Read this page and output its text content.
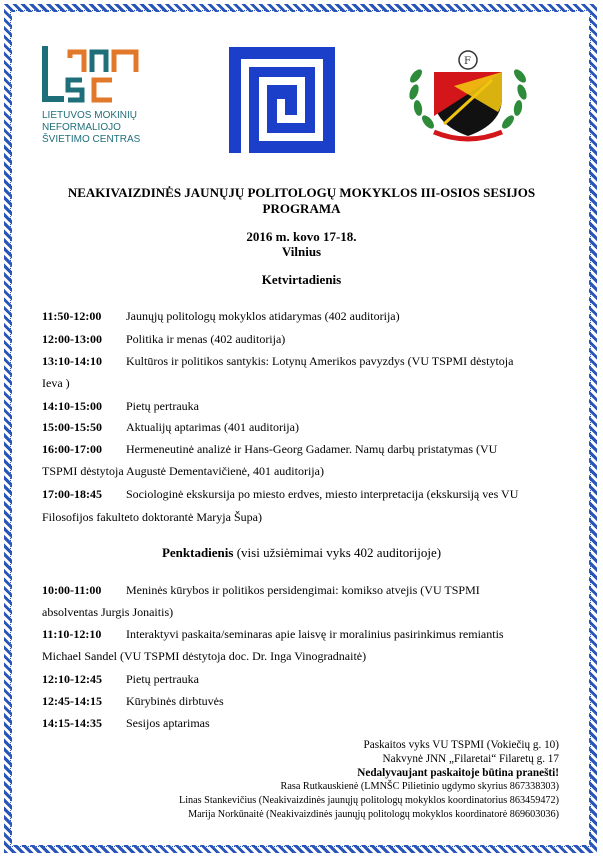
LIETUVOS MOKINIŲ
NEFORMALIOJO
ŠVIETIMO CENTRAS
F
NEAKIVAIZDINĖS JAUNŲJŲ POLITOLOGŲ MOKYKLOS III-OSIOS SESIJOS
PROGRAMA
2016 m. kovo 17-18.
Vilnius
Ketvirtadienis
11:50-12:00 Jaunųjų politologų mokyklos atidarymas (402 auditorija)
12:00-13:00 Politika ir menas (402 auditorija)
13:10-14:10 Kultūros ir politikos santykis: Lotynų Amerikos pavyzdys (VU TSPMI dėstytoja
Ieva )
14:10-15:00 Pietų pertrauka
15:00-15:50 Aktualijų aptarimas (401 auditorija)
16:00-17:00 Hermeneutinė analizė ir Hans-Georg Gadamer. Namų darbų pristatymas (VU
TSPMI dėstytoja Augustė Dementavičienė, 401 auditorija)
17:00-18:45 Sociologinė ekskursija po miesto erdves, miesto interpretacija (ekskursiją ves VU
Filosofijos fakulteto doktorantė Maryja Šupa)
Penktadienis (visi užsiėmimai vyks 402 auditorijoje)
10:00-11:00 Meninės kūrybos ir politikos persidengimai: komikso atvejis (VU TSPMI
absolventas Jurgis Jonaitis)
11:10-12:10 Interaktyvi paskaita/seminaras apie laisvę ir moralinius pasirinkimus remiantis
Michael Sandel (VU TSPMI dėstytoja doc. Dr. Inga Vinogradnaitė)
12:10-12:45 Pietų pertrauka
12:45-14:15 Kūrybinės dirbtuvės
14:15-14:35 Sesijos aptarimas
Paskaitos vyks VU TSPMI (Vokiečių g. 10)
Nakvynė JNN „Filaretai“ Filaretų g. 17
Nedalyvaujant paskaitoje būtina pranešti!
Rasa Rutkauskienė (LMNŠC Pilietinio ugdymo skyrius 867338303)
Linas Stankevičius (Neakivaizdinės jaunųjų politologų mokyklos koordinatorius 863459472)
Marija Norkūnaitė (Neakivaizdinės jaunųjų politologų mokyklos koordinatorė 869603036)
